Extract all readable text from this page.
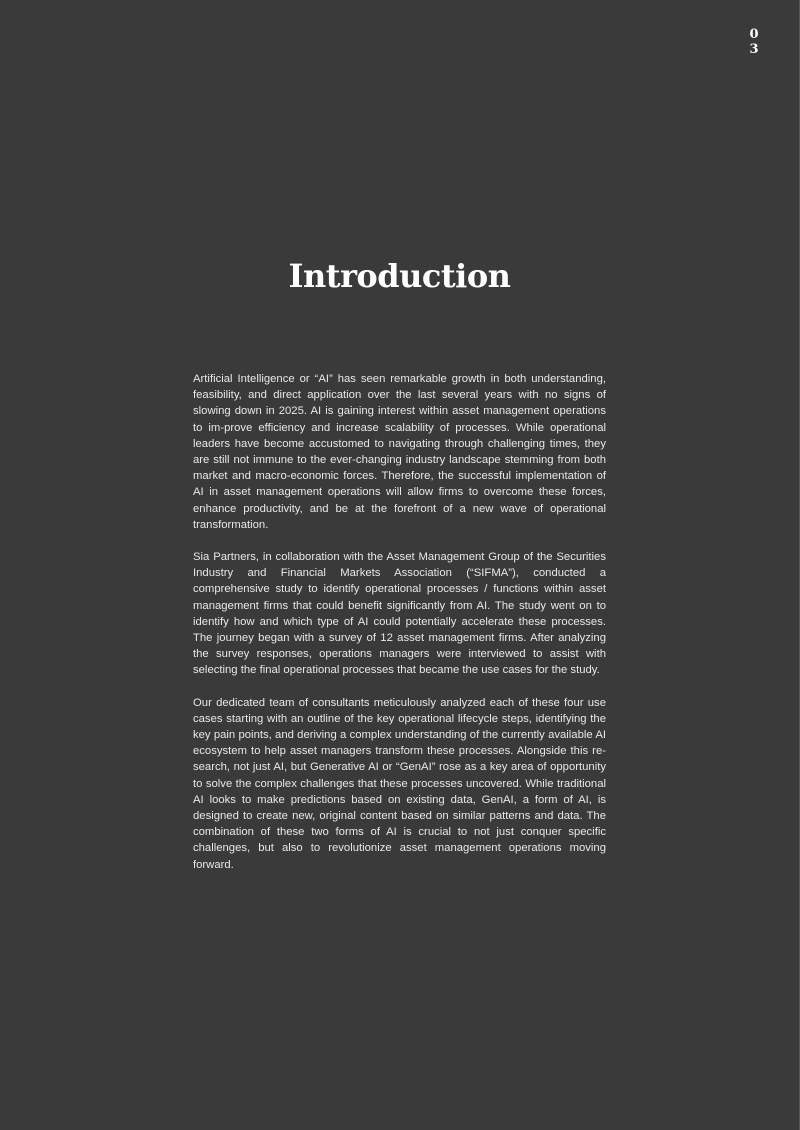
0
3
Introduction

Artificial Intelligence or “AI” has seen remarkable growth in both understanding, feasibility, and direct application over the last several years with no signs of slowing down in 2025. AI is gaining interest within asset management operations to im-prove efficiency and increase scalability of processes. While operational leaders have become accustomed to navigating through challenging times, they are still not immune to the ever-changing industry landscape stemming from both market and macro-economic forces. Therefore, the successful implementation of AI in asset management operations will allow firms to overcome these forces, enhance productivity, and be at the forefront of a new wave of operational transformation.

Sia Partners, in collaboration with the Asset Management Group of the Securities Industry and Financial Markets Association (“SIFMA”), conducted a comprehensive study to identify operational processes / functions within asset management firms that could benefit significantly from AI. The study went on to identify how and which type of AI could potentially accelerate these processes. The journey began with a survey of 12 asset management firms. After analyzing the survey responses, operations managers were interviewed to assist with selecting the final operational processes that became the use cases for the study.

Our dedicated team of consultants meticulously analyzed each of these four use cases starting with an outline of the key operational lifecycle steps, identifying the key pain points, and deriving a complex understanding of the currently available AI ecosystem to help asset managers transform these processes. Alongside this re-search, not just AI, but Generative AI or “GenAI” rose as a key area of opportunity to solve the complex challenges that these processes uncovered. While traditional AI looks to make predictions based on existing data, GenAI, a form of AI, is designed to create new, original content based on similar patterns and data. The combination of these two forms of AI is crucial to not just conquer specific challenges, but also to revolutionize asset management operations moving forward.
